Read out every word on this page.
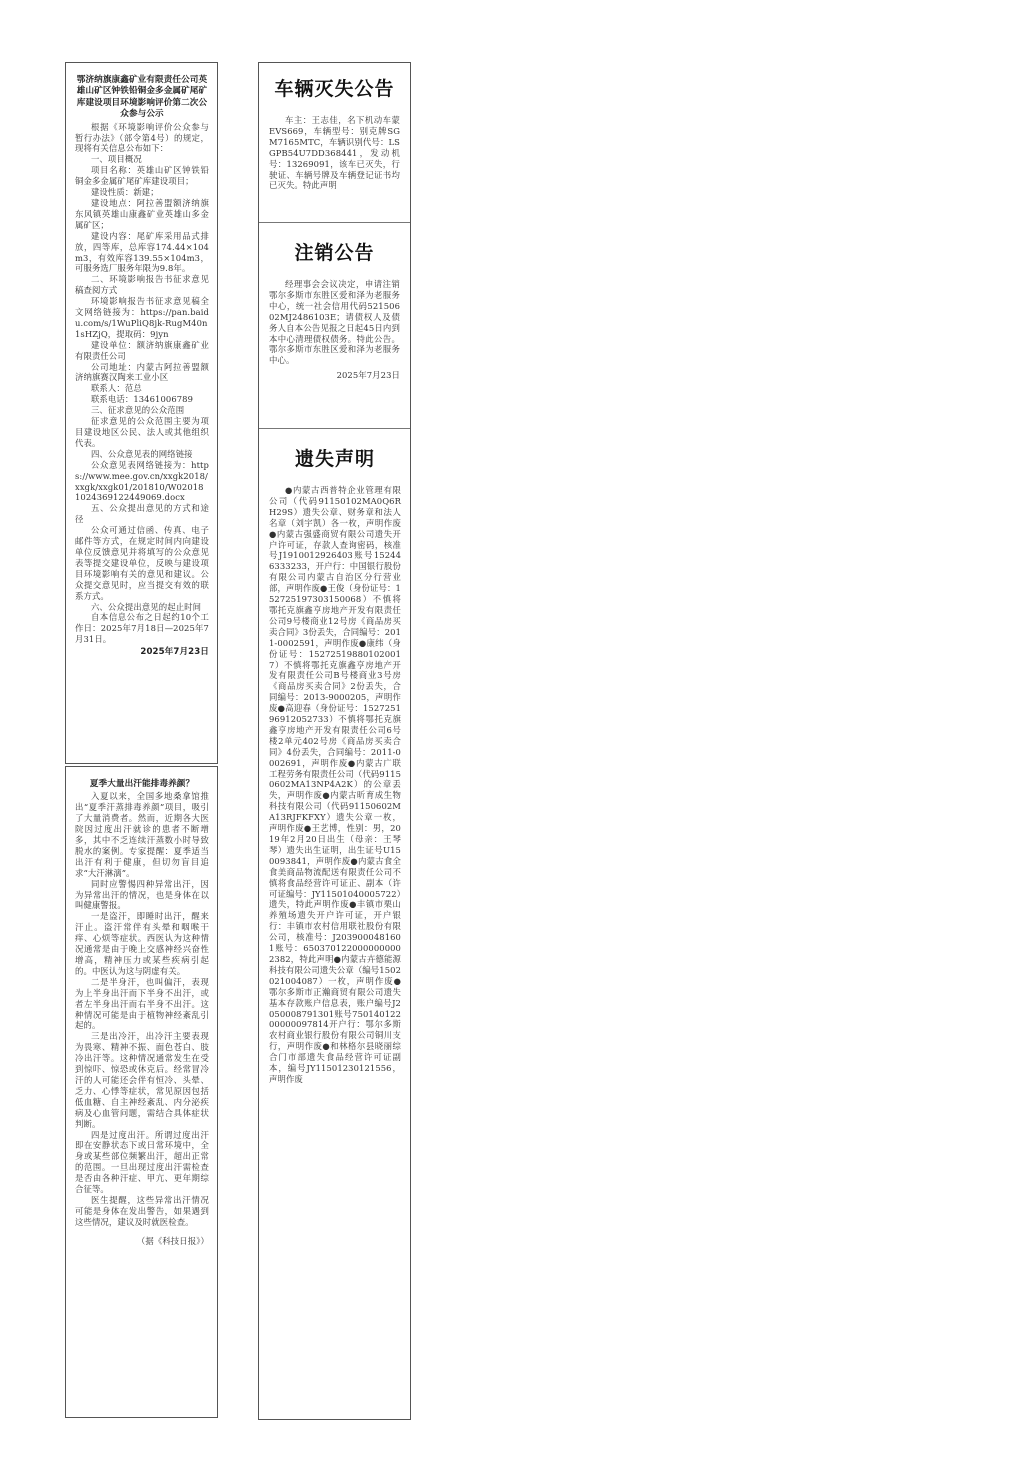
鄂济纳旗康鑫矿业有限责任公司英雄山矿区钟铁铅铜金多金属矿尾矿库建设项目环境影响评价第二次公众参与公示

根据《环境影响评价公众参与暂行办法》（部令第4号）的规定，现将有关信息公布如下：

一、项目概况

项目名称：英雄山矿区钟铁铅铜金多金属矿尾矿库建设项目；

建设性质：新建；

建设地点：阿拉善盟额济纳旗东风镇英雄山康鑫矿业英雄山多金属矿区；

建设内容：尾矿库采用品式排放，四等库，总库容174.44×104m3，有效库容139.55×104m3，可服务选厂服务年限为9.8年。

二、环境影响报告书征求意见稿查阅方式

环境影响报告书征求意见稿全文网络链接为：https://pan.baidu.com/s/1WuPliQ8jk-RugM40n1sHZjQ，提取码：9jyn

建设单位：额济纳旗康鑫矿业有限责任公司

公司地址：内蒙古阿拉善盟额济纳旗赛汉陶来工业小区

联系人：范总

联系电话：13461006789

三、征求意见的公众范围

征求意见的公众范围主要为项目建设地区公民、法人或其他组织代表。

四、公众意见表的网络链接

公众意见表网络链接为：https://www.mee.gov.cn/xxgk2018/xxgk/xxgk01/201810/W020181024369122449069.docx

五、公众提出意见的方式和途径

公众可通过信函、传真、电子邮件等方式，在规定时间内向建设单位反馈意见并将填写的公众意见表等提交建设单位，反映与建设项目环境影响有关的意见和建议。公众提交意见时，应当提交有效的联系方式。

六、公众提出意见的起止时间

自本信息公布之日起约10个工作日：2025年7月18日—2025年7月31日。

2025年7月23日
夏季大量出汗能排毒养颜？

入夏以来，全国多地桑拿馆推出“夏季汗蒸排毒养颜”项目，吸引了大量消费者。然而，近期各大医院因过度出汗就诊的患者不断增多，其中不乏连续汗蒸数小时导致脱水的案例。专家提醒：夏季适当出汗有利于健康，但切勿盲目追求“大汗淋漓”。

同时应警惕四种异常出汗，因为异常出汗的情况，也是身体在以叫健康警报。

一是盗汗，即睡时出汗，醒来汗止。盗汗常伴有头晕和咽喉干痒、心烦等症状。西医认为这种情况通常是由于晚上交感神经兴奋性增高，精神压力或某些疾病引起的。中医认为这与阴虚有关。

二是半身汗，也叫偏汗，表现为上半身出汗而下半身不出汗，或者左半身出汗而右半身不出汗。这种情况可能是由于植物神经紊乱引起的。

三是出冷汗，出冷汗主要表现为畏寒、精神不振、面色苍白、肢冷出汗等。这种情况通常发生在受到惊吓、惊恐或休克后。经常冒冷汗的人可能还会伴有恒冷、头晕、乏力、心悸等症状，常见原因包括低血糖、自主神经紊乱、内分泌疾病及心血管问题，需结合具体症状判断。

四是过度出汗。所谓过度出汗即在安静状态下或日常环境中，全身或某些部位频繁出汗，超出正常的范围。一旦出现过度出汗需检查是否由各种汗症、甲亢、更年期综合征等。

医生提醒，这些异常出汗情况可能是身体在发出警告，如果遇到这些情况，建议及时就医检查。

（据《科技日报》）
车辆灭失公告

车主：王志佳，名下机动车蒙EVS669，车辆型号：别克牌SGM7165MTC，车辆识别代号：LSGPB54U7DD368441，发动机号：13269091，该车已灭失，行驶证、车辆号牌及车辆登记证书均已灭失。特此声明

注销公告

经理事会会议决定，申请注销鄂尔多斯市东胜区爱和泽为老服务中心，统一社会信用代码52150602MJ2486103E；请债权人及债务人自本公告见报之日起45日内到本中心清理债权债务。特此公告。鄂尔多斯市东胜区爱和泽为老服务中心。

2025年7月23日
遗失声明

●内蒙古西普特企业管理有限公司（代码91150102MA0Q6RH29S）遗失公章、财务章和法人名章（刘宇凯）各一枚，声明作废●内蒙古强盛商贸有限公司遗失开户许可证，存款人查询密码，核准号J1910012926403账号152446333233，开户行：中国银行股份有限公司内蒙古自治区分行营业部，声明作废●王俊（身份证号：152725197303150068）不慎将鄂托克旗鑫亨房地产开发有限责任公司9号楼商业12号房《商品房买卖合同》3份丢失，合同编号：2011-0002591，声明作废●康纬（身份证号：152725198801020017）不慎将鄂托克旗鑫亨房地产开发有限责任公司B号楼商业3号房《商品房买卖合同》2份丢失，合同编号：2013-9000205，声明作废●高迎春（身份证号：152725196912052733）不慎将鄂托克旗鑫亨房地产开发有限责任公司6号楼2单元402号房《商品房买卖合同》4份丢失，合同编号：2011-0002691，声明作废●内蒙古广联工程劳务有限责任公司（代码91150602MA13NP4A2K）的公章丢失，声明作废●内蒙古昕育成生物科技有限公司（代码91150602MA13RJFKFXY）遗失公章一枚，声明作废●王艺博，性别：男，2019年2月20日出生（母亲：王琴琴）遗失出生证明，出生证号U150093841，声明作废●内蒙古食全食美商品物流配送有限责任公司不慎将食品经营许可证正、副本（许可证编号：JY11501040005722）遗失，特此声明作废●丰镇市栗山养殖场遗失开户许可证，开户银行：丰镇市农村信用联社股份有限公司，核准号：J2039000481601账号：6503701220000000002382，特此声明●内蒙古卉德能源科技有限公司遗失公章（编号1502021004087）一枚，声明作废●鄂尔多斯市正瀚商贸有限公司遗失基本存款账户信息表，账户编号J2050008791301账号75014012200000097814开户行：鄂尔多斯农村商业银行股份有限公司铜川支行，声明作废●和林格尔县晓丽综合门市部遗失食品经营许可证副本，编号JY11501230121556，声明作废
